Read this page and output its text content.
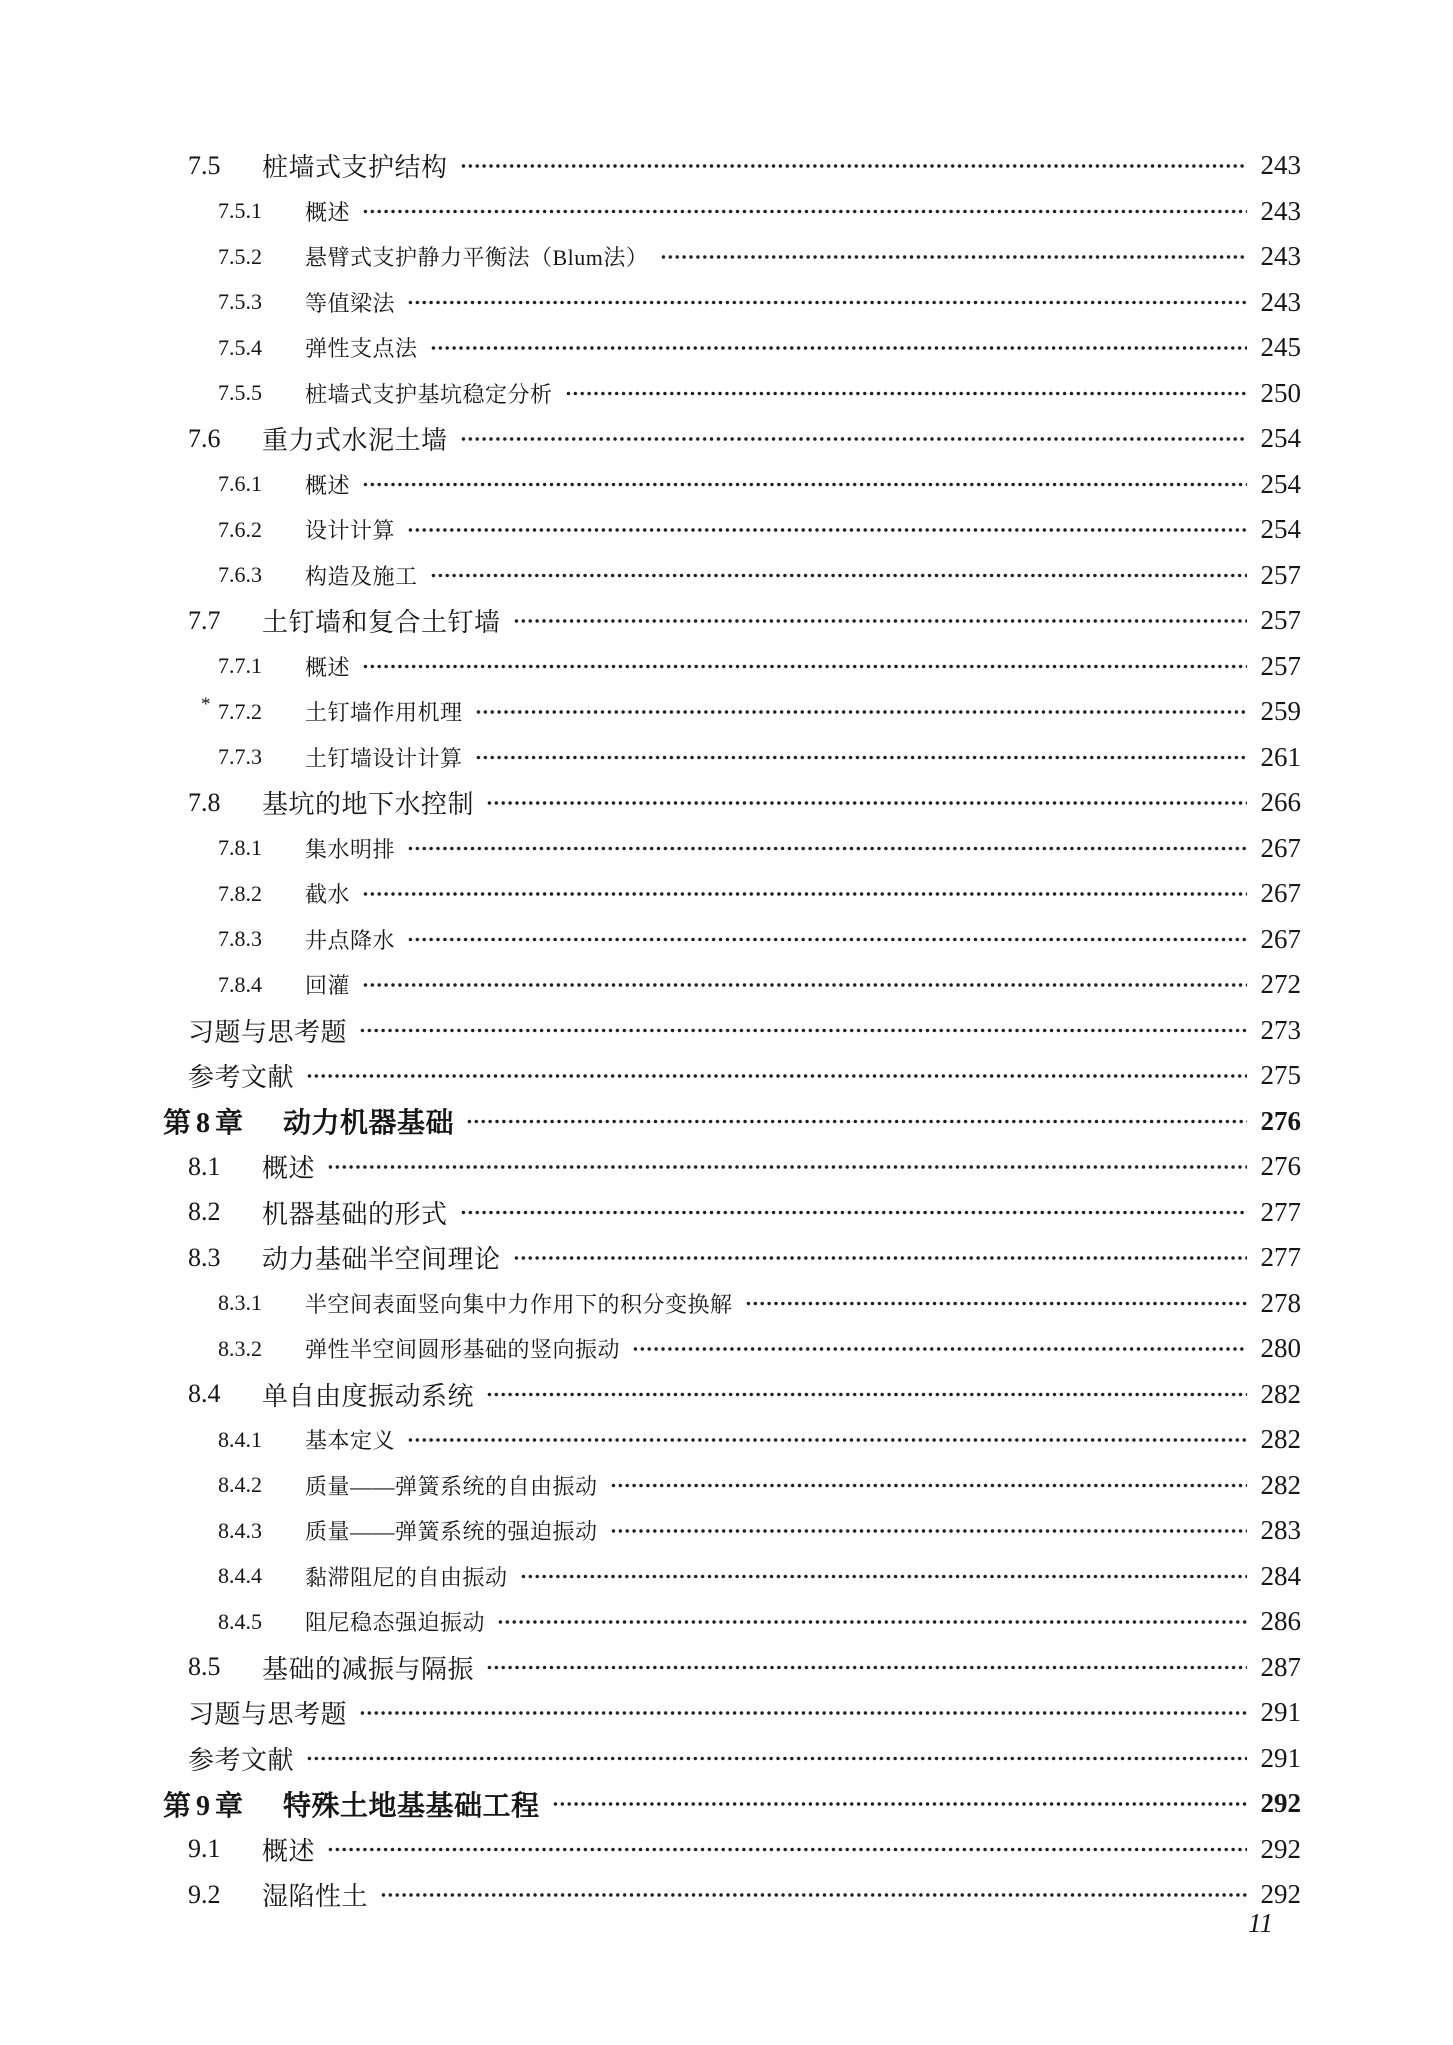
7.5	桩墙式支护结构	243
7.5.1	概述	243
7.5.2	悬臂式支护静力平衡法（Blum法）	243
7.5.3	等值梁法	243
7.5.4	弹性支点法	245
7.5.5	桩墙式支护基坑稳定分析	250
7.6	重力式水泥土墙	254
7.6.1	概述	254
7.6.2	设计计算	254
7.6.3	构造及施工	257
7.7	土钉墙和复合土钉墙	257
7.7.1	概述	257
* 7.7.2	土钉墙作用机理	259
7.7.3	土钉墙设计计算	261
7.8	基坑的地下水控制	266
7.8.1	集水明排	267
7.8.2	截水	267
7.8.3	井点降水	267
7.8.4	回灌	272
习题与思考题	273
参考文献	275
第8章	动力机器基础	276
8.1	概述	276
8.2	机器基础的形式	277
8.3	动力基础半空间理论	277
8.3.1	半空间表面竖向集中力作用下的积分变换解	278
8.3.2	弹性半空间圆形基础的竖向振动	280
8.4	单自由度振动系统	282
8.4.1	基本定义	282
8.4.2	质量——弹簧系统的自由振动	282
8.4.3	质量——弹簧系统的强迫振动	283
8.4.4	黏滞阻尼的自由振动	284
8.4.5	阻尼稳态强迫振动	286
8.5	基础的减振与隔振	287
习题与思考题	291
参考文献	291
第9章	特殊土地基基础工程	292
9.1	概述	292
9.2	湿陷性土	292
11
